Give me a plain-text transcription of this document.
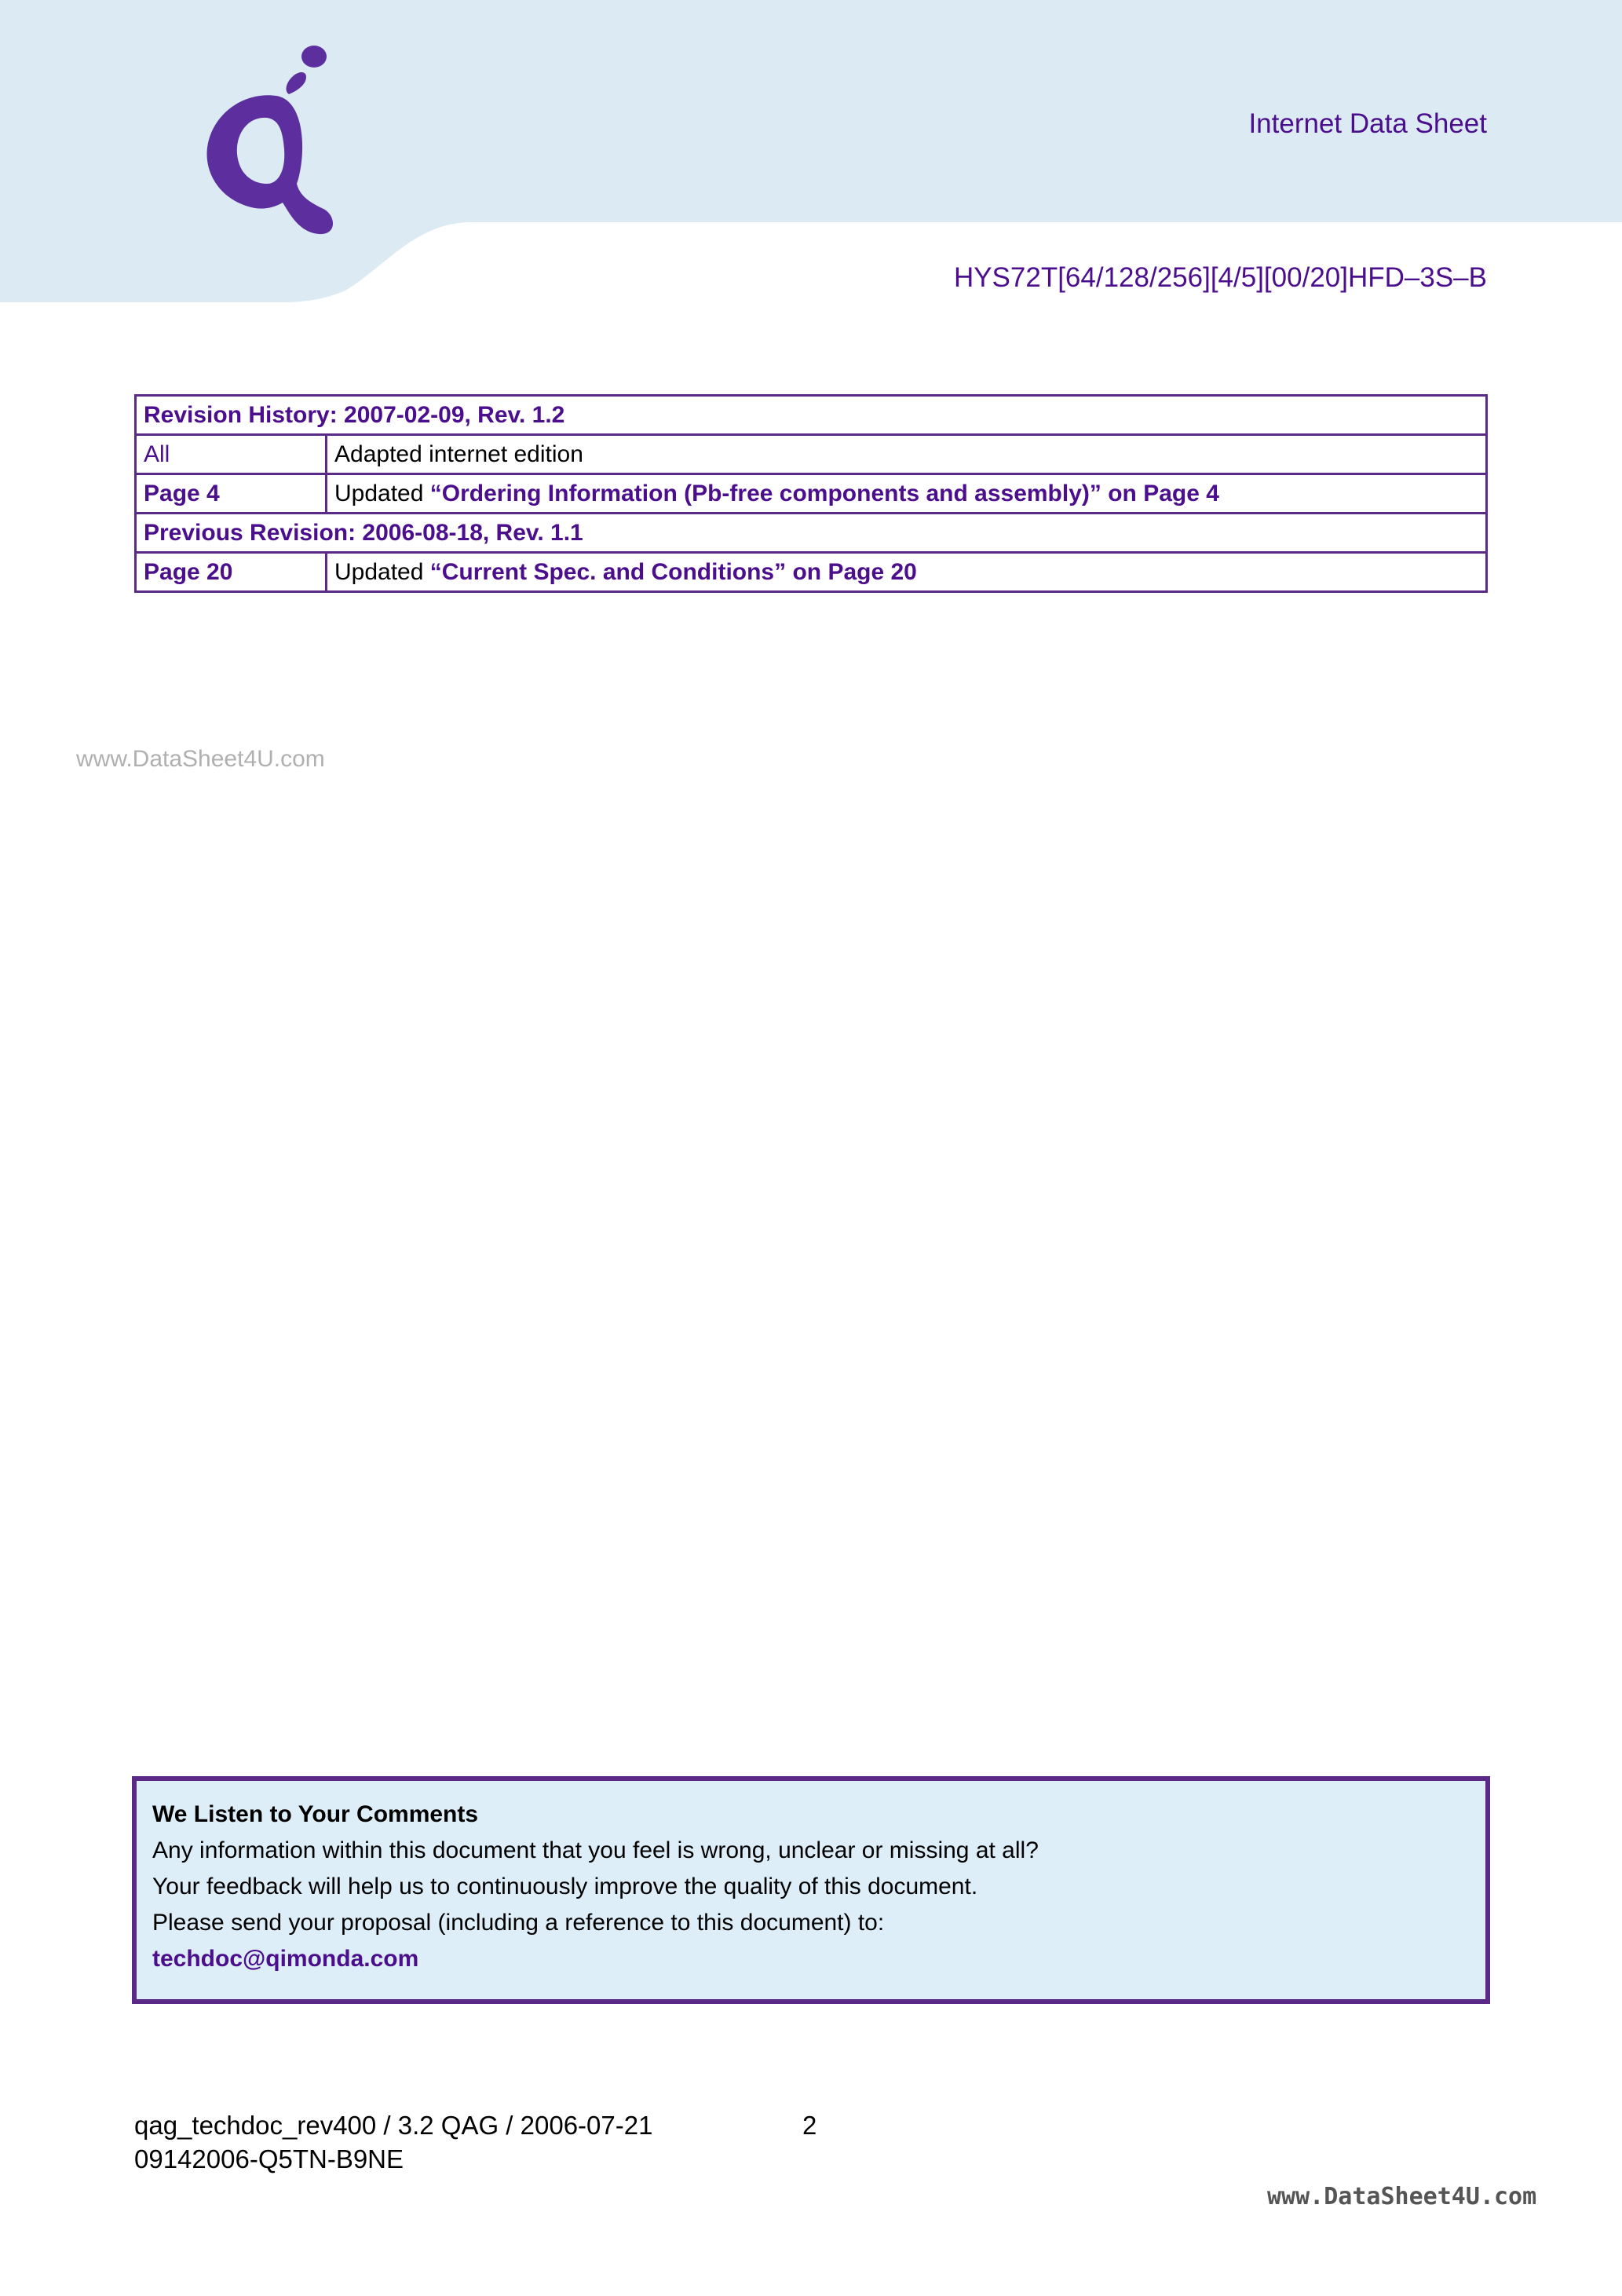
Internet Data Sheet
HYS72T[64/128/256][4/5][00/20]HFD–3S–B
Revision History: 2007-02-09, Rev. 1.2	
All	Adapted internet edition
Page 4	Updated “Ordering Information (Pb-free components and assembly)” on Page 4
Previous Revision: 2006-08-18, Rev. 1.1	
Page 20	Updated “Current Spec. and Conditions” on Page 20
www.DataSheet4U.com
We Listen to Your Comments
Any information within this document that you feel is wrong, unclear or missing at all?
Your feedback will help us to continuously improve the quality of this document.
Please send your proposal (including a reference to this document) to:
techdoc@qimonda.com
qag_techdoc_rev400 / 3.2 QAG / 2006-07-21
09142006-Q5TN-B9NE
2
www.DataSheet4U.com
